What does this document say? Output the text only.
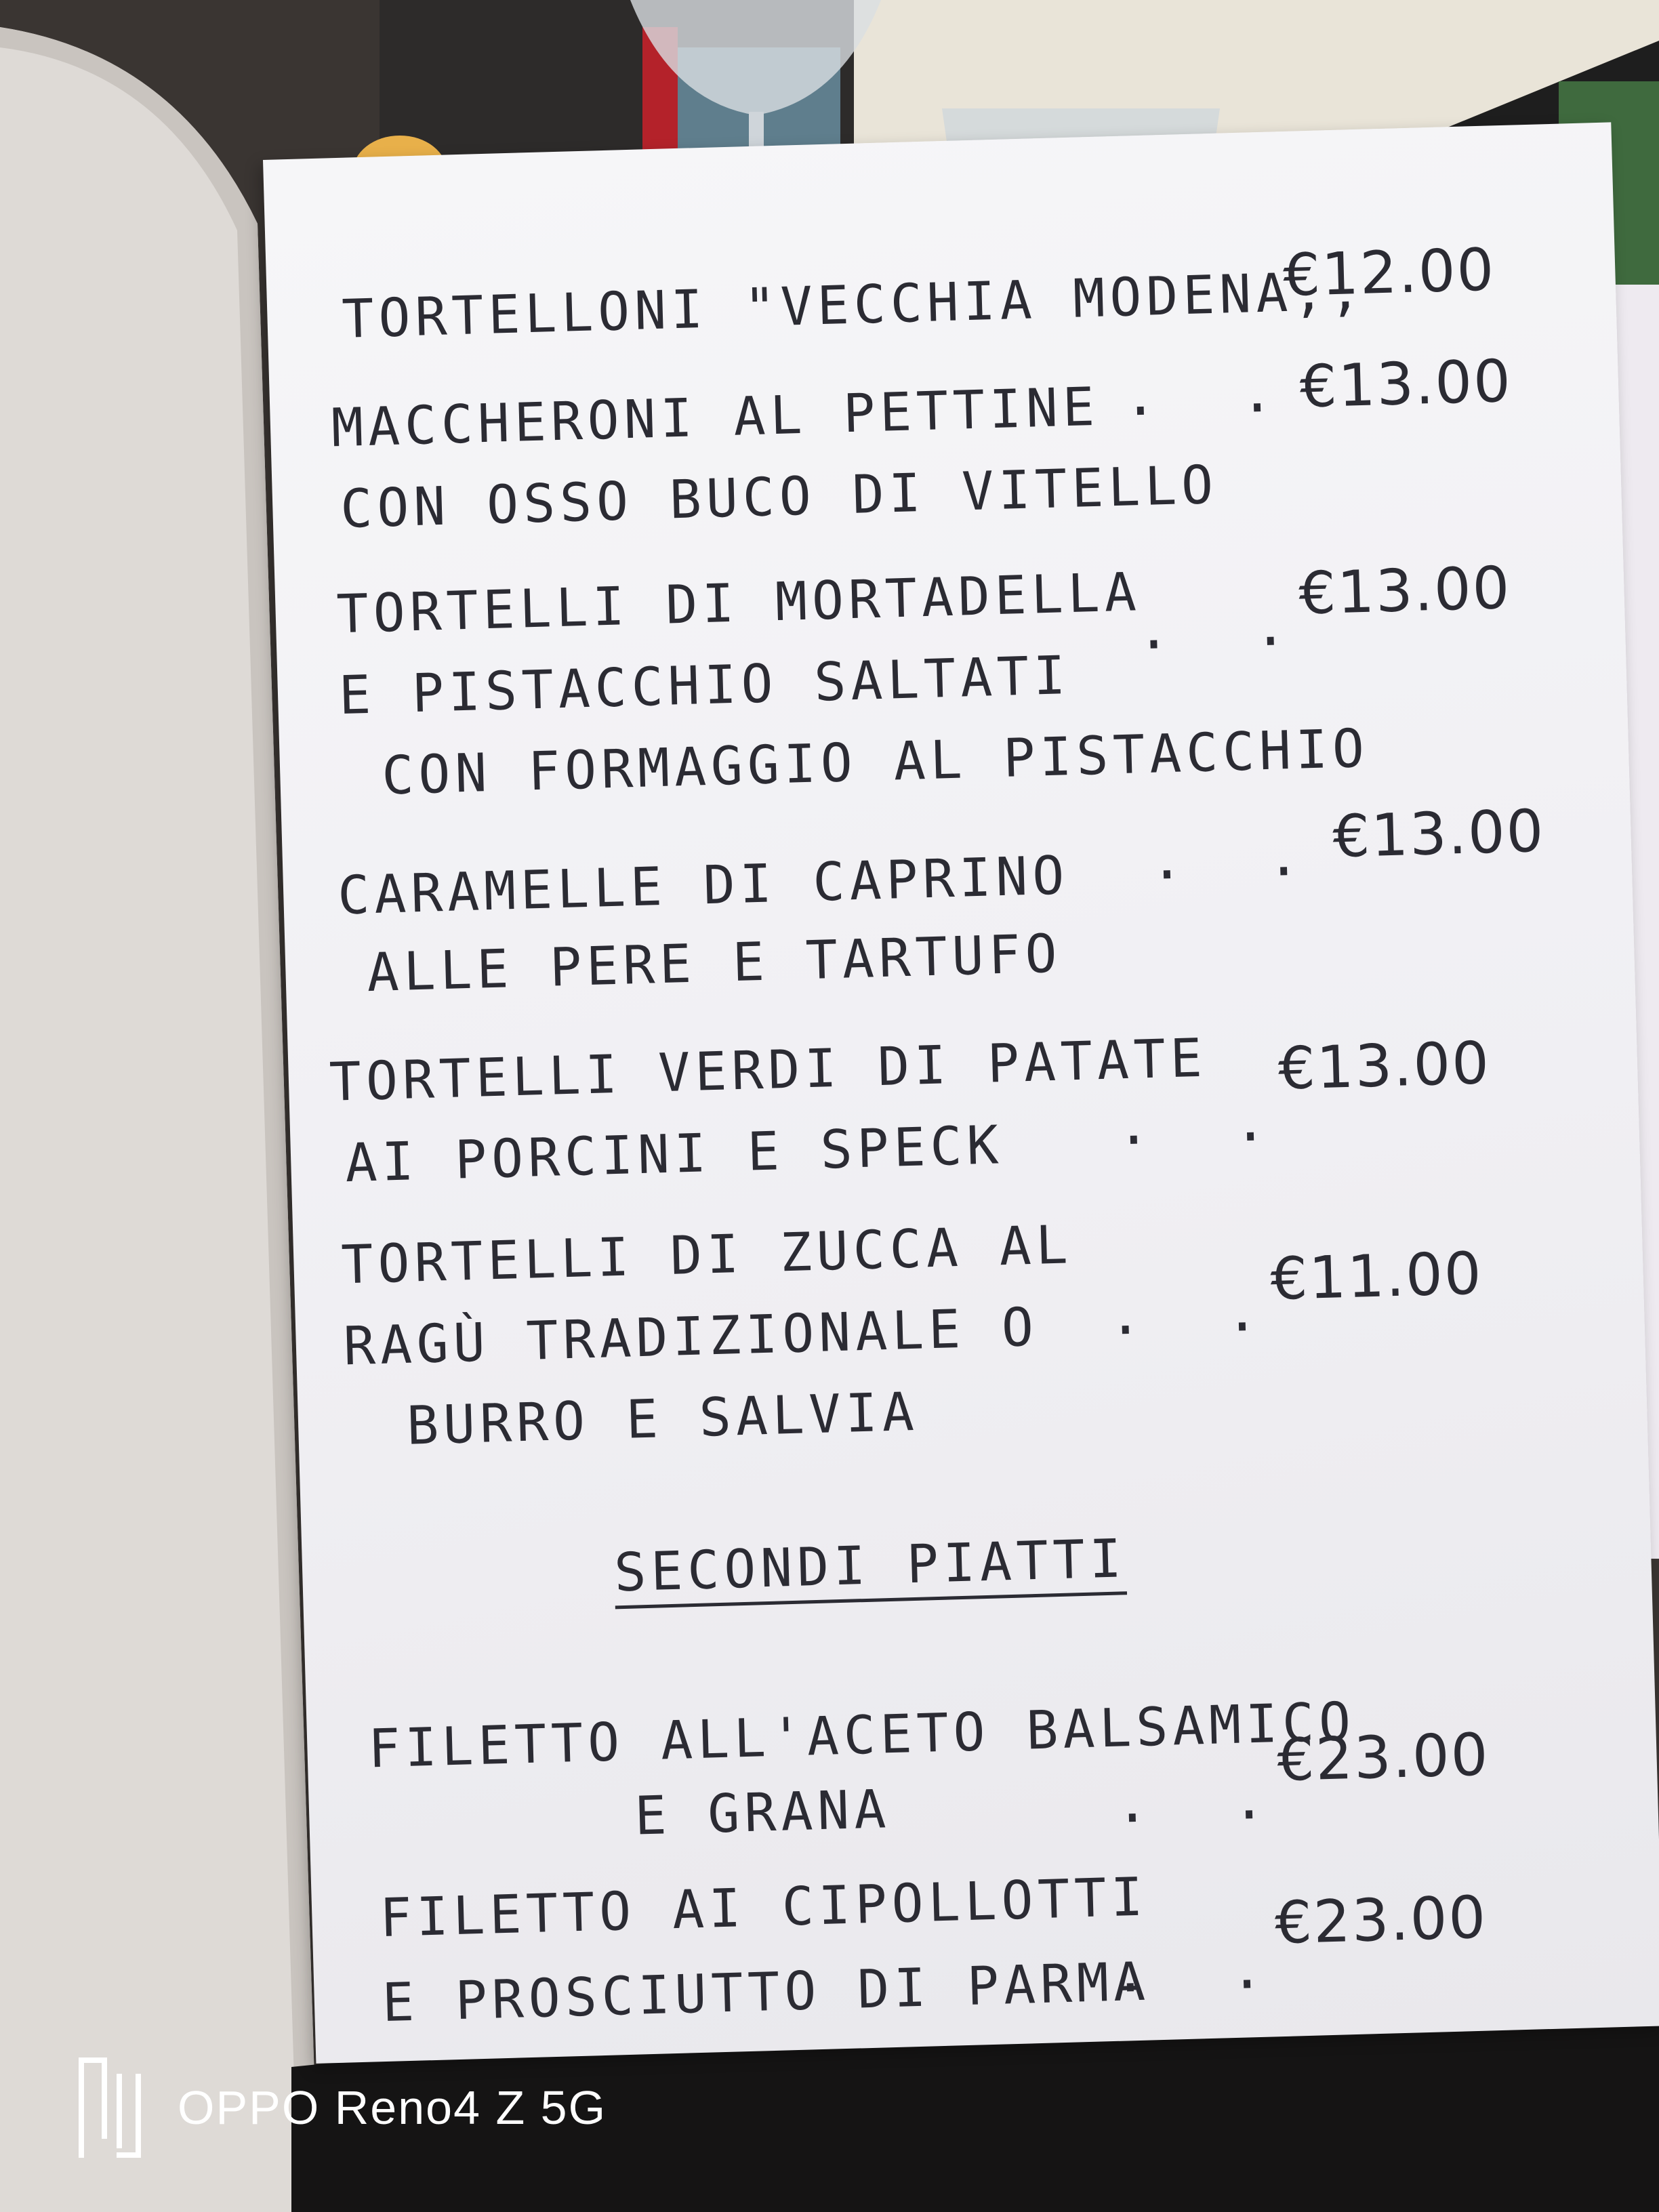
TORTELLONI "VECCHIA MODENA,,
€12.00
MACCHERONI AL PETTINE
CON OSSO BUCO DI VITELLO
. .
€13.00
TORTELLI DI MORTADELLA
E PISTACCHIO SALTATI
CON FORMAGGIO AL PISTACCHIO
. .
€13.00
CARAMELLE DI CAPRINO
ALLE PERE E TARTUFO
. . €13.00
TORTELLI VERDI DI PATATE
AI PORCINI E SPECK . .
€13.00
TORTELLI DI ZUCCA AL
RAGÙ TRADIZIONALE O
BURRO E SALVIA
. .
€11.00
SECONDI PIATTI
FILETTO ALL'ACETO BALSAMICO
E GRANA	. .
€23.00
FILETTO AI CIPOLLOTTI
E PROSCIUTTO DI PARMA
. .
€23.00
OPPO Reno4 Z 5G
